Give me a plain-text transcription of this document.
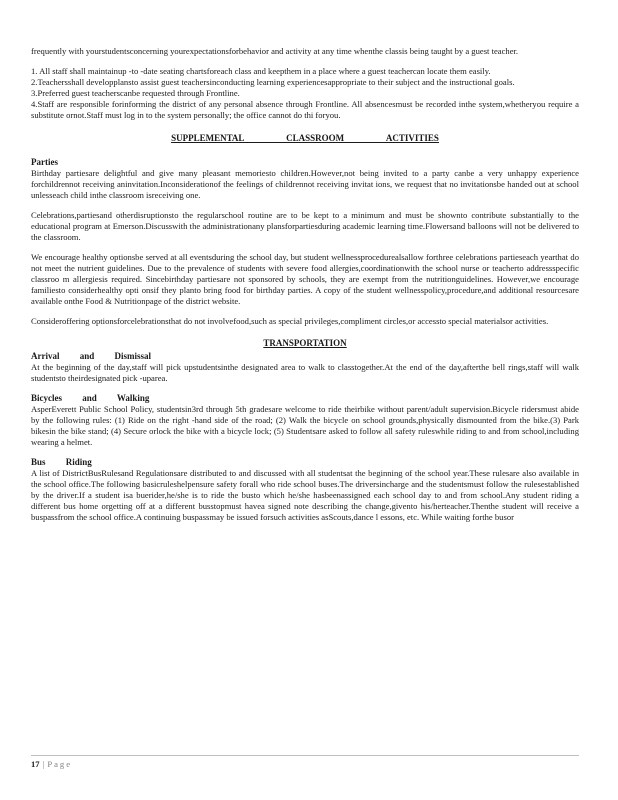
frequently with yourstudentsconcerning yourexpectationsforbehavior and activity at any time whenthe classis being taught by a guest teacher.

1. All staff shall maintainup -to -date seating chartsforeach class and keepthem in a place where a guest teachercan locate them easily.

2.Teachersshall developplansto assist guest teachersinconducting learning experiencesappropriate to their subject and the instructional goals.

3.Preferred guest teacherscanbe requested through Frontline.

4.Staff are responsible forinforming the district of any personal absence through Frontline. All absencesmust be recorded inthe system,whetheryou require a substitute ornot.Staff must log in to the system personally; the office cannot do thi foryou.

SUPPLEMENTAL CLASSROOM ACTIVITIES
Parties

Birthday partiesare delightful and give many pleasant memoriesto children.However,not being invited to a party canbe a very unhappy experience forchildrennot receiving aninvitation.Inconsiderationof the feelings of childrennot receiving invitat ions, we request that no invitationsbe handed out at school unlesseach child inthe classroom isreceiving one.

Celebrations,partiesand otherdisruptionsto the regularschool routine are to be kept to a minimum and must be shownto contribute substantially to the educational program at Emerson.Discusswith the administrationany plansforpartiesduring academic learning time.Flowersand balloons will not be delivered to the classroom.

We encourage healthy optionsbe served at all eventsduring the school day, but student wellnessprocedurealsallow forthree celebrations partieseach yearthat do not meet the nutrient guidelines. Due to the prevalence of students with severe food allergies,coordinationwith the school nurse or teacherto addressspecific classroo m allergiesis required. Sincebirthday partiesare not sponsored by schools, they are exempt from the nutritionguidelines. However,we encourage familiesto considerhealthy opti onsif they planto bring food for birthday parties. A copy of the student wellnesspolicy,procedure,and additional resourcesare available onthe Food & Nutritionpage of the district website.

Consideroffering optionsforcelebrationsthat do not involvefood,such as special privileges,compliment circles,or accessto special materialsor activities.

TRANSPORTATION
Arrival and Dismissal

At the beginning of the day,staff will pick upstudentsinthe designated area to walk to classtogether.At the end of the day,afterthe bell rings,staff will walk studentsto theirdesignated pick -uparea.

Bicycles and Walking

AsperEverett Public School Policy, studentsin3rd through 5th gradesare welcome to ride theirbike without parent/adult supervision.Bicycle ridersmust abide by the following rules: (1) Ride on the right -hand side of the road; (2) Walk the bicycle on school grounds,physically dismounted from the bike.(3) Park bikesin the bike stand; (4) Secure orlock the bike with a bicycle lock; (5) Studentsare asked to follow all safety ruleswhile riding to and from school,including wearing a helmet.

Bus Riding

A list of DistrictBusRulesand Regulationsare distributed to and discussed with all studentsat the beginning of the school year.These rulesare also available in the school office.The following basicruleshelpensure safety forall who ride school buses.The driversincharge and the studentsmust follow the rulesestablished by the driver.If a student isa buerider,he/she is to ride the busto which he/she hasbeenassigned each school day to and from school.Any student riding a different bus home orgetting off at a different busstopmust havea signed note describing the change,givento his/herteacher.Thenthe student will receive a buspassfrom the school office.A continuing buspassmay be issued forsuch activities asScouts,dance l essons, etc. While waiting forthe busor

17 | Page
